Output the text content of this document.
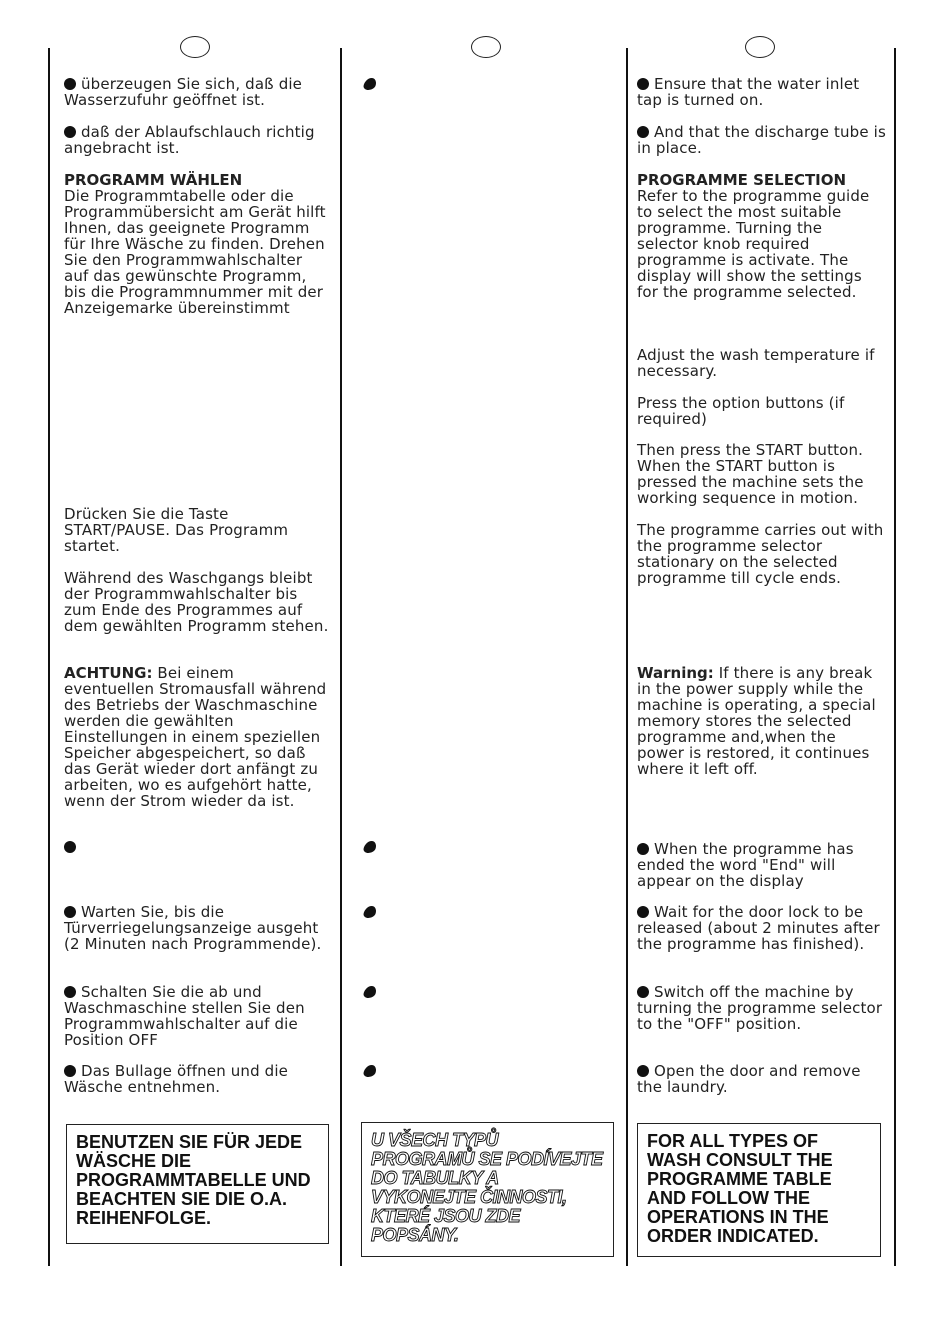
überzeugen Sie sich, daß die Wasserzufuhr geöffnet ist.

daß der Ablaufschlauch richtig angebracht ist.

PROGRAMM WÄHLEN

Die Programmtabelle oder die Programmübersicht am Gerät hilft Ihnen, das geeignete Programm für Ihre Wäsche zu finden. Drehen Sie den Programmwahlschalter auf das gewünschte Programm, bis die Programmnummer mit der Anzeigemarke übereinstimmt

Drücken Sie die Taste START/PAUSE. Das Programm startet.

Während des Waschgangs bleibt der Programmwahlschalter bis zum Ende des Programmes auf dem gewählten Programm stehen.

ACHTUNG: Bei einem eventuellen Stromausfall während des Betriebs der Waschmaschine werden die gewählten Einstellungen in einem speziellen Speicher abgespeichert, so daß das Gerät wieder dort anfängt zu arbeiten, wo es aufgehört hatte, wenn der Strom wieder da ist.

Warten Sie, bis die Türverriegelungsanzeige ausgeht (2 Minuten nach Programmende).

Schalten Sie die ab und Waschmaschine stellen Sie den Programmwahlschalter auf die Position OFF

Das Bullage öffnen und die Wäsche entnehmen.

BENUTZEN SIE FÜR JEDE WÄSCHE DIE PROGRAMMTABELLE UND BEACHTEN SIE DIE O.A. REIHENFOLGE.

U VŠECH TYPŮ PROGRAMŮ SE PODÍVEJTE DO TABULKY A VYKONEJTE ČINNOSTI, KTERÉ JSOU ZDE POPSÁNY.

Ensure that the water inlet tap is turned on.

And that the discharge tube is in place.

PROGRAMME SELECTION

Refer to the programme guide to select the most suitable programme. Turning the selector knob required programme is activate. The display will show the settings for the programme selected.

Adjust the wash temperature if necessary.

Press the option buttons (if required)

Then press the START button. When the START button is pressed the machine sets the working sequence in motion.

The programme carries out with the programme selector stationary on the selected programme till cycle ends.

Warning: If there is any break in the power supply while the machine is operating, a special memory stores the selected programme and,when the power is restored, it continues where it left off.

When the programme has ended the word "End" will appear on the display

Wait for the door lock to be released (about 2 minutes after the programme has finished).

Switch off the machine by turning the programme selector to the "OFF" position.

Open the door and remove the laundry.

FOR ALL TYPES OF WASH CONSULT THE PROGRAMME TABLE AND FOLLOW THE OPERATIONS IN THE ORDER INDICATED.
